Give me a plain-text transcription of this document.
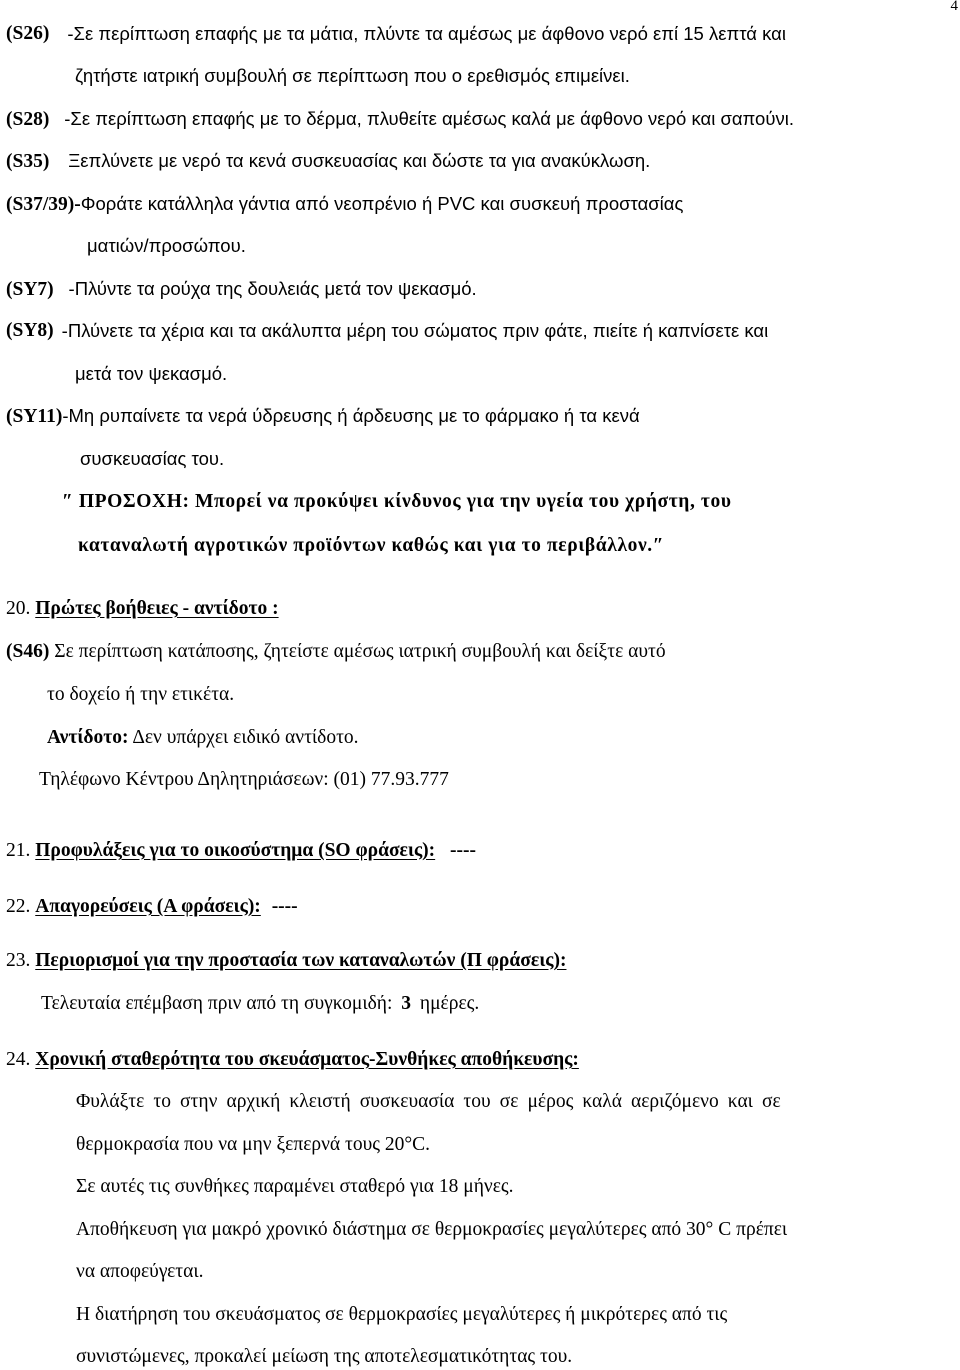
4
(S26) -Σε περίπτωση επαφής με τα μάτια, πλύντε τα αμέσως με άφθονο νερό επί 15 λεπτά και
ζητήστε ιατρική συμβουλή σε περίπτωση που ο ερεθισμός επιμείνει.
(S28) -Σε περίπτωση επαφής με το δέρμα, πλυθείτε αμέσως καλά με άφθονο νερό και σαπούνι.
(S35) Ξεπλύνετε με νερό τα κενά συσκευασίας και δώστε τα για ανακύκλωση.
(S37/39)-Φοράτε κατάλληλα γάντια από νεοπρένιο ή PVC και συσκευή προστασίας
ματιών/προσώπου.
(SY7) -Πλύντε τα ρούχα της δουλειάς μετά τον ψεκασμό.
(SY8) -Πλύνετε τα χέρια και τα ακάλυπτα μέρη του σώματος πριν φάτε, πιείτε ή καπνίσετε και
μετά τον ψεκασμό.
(SY11)-Μη ρυπαίνετε τα νερά ύδρευσης ή άρδευσης με το φάρμακο ή τα κενά
συσκευασίας του.
″ ΠΡΟΣΟΧΗ: Μπορεί να προκύψει κίνδυνος για την υγεία του χρήστη, του
καταναλωτή αγροτικών προϊόντων καθώς και για το περιβάλλον.″
20. Πρώτες βοήθειες - αντίδοτο :
(S46) Σε περίπτωση κατάποσης, ζητείστε αμέσως ιατρική συμβουλή και δείξτε αυτό
το δοχείο ή την ετικέτα.
Αντίδοτο: Δεν υπάρχει ειδικό αντίδοτο.
Τηλέφωνο Κέντρου Δηλητηριάσεων: (01) 77.93.777
21. Προφυλάξεις για το οικοσύστημα (SO φράσεις): ----
22. Απαγορεύσεις (Α φράσεις): ----
23. Περιορισμοί για την προστασία των καταναλωτών (Π φράσεις):
Τελευταία επέμβαση πριν από τη συγκομιδή: 3 ημέρες.
24. Χρονική σταθερότητα του σκευάσματος-Συνθήκες αποθήκευσης:
Φυλάξτε το στην αρχική κλειστή συσκευασία του σε μέρος καλά αεριζόμενο και σε
θερμοκρασία που να μην ξεπερνά τους 20°C.
Σε αυτές τις συνθήκες παραμένει σταθερό για 18 μήνες.
Αποθήκευση για μακρό χρονικό διάστημα σε θερμοκρασίες μεγαλύτερες από 30° C πρέπει
να αποφεύγεται.
Η διατήρηση του σκευάσματος σε θερμοκρασίες μεγαλύτερες ή μικρότερες από τις
συνιστώμενες, προκαλεί μείωση της αποτελεσματικότητας του.
